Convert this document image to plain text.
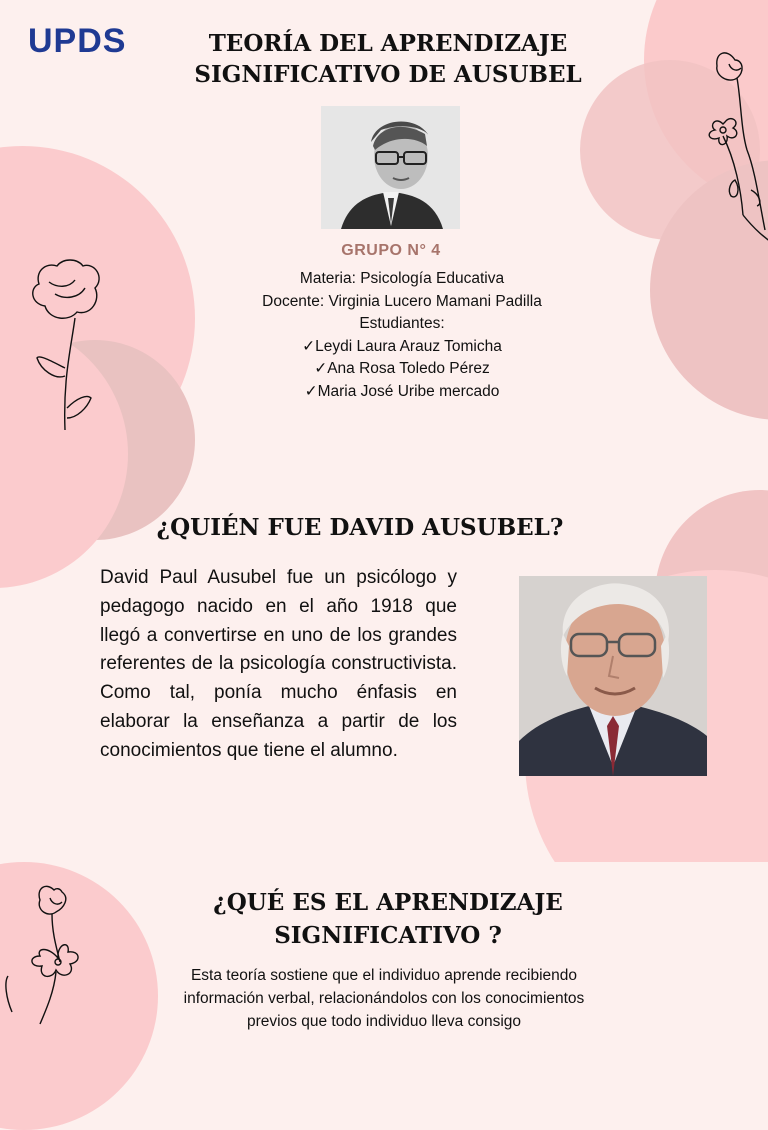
UPDS	TEORÍA DEL APRENDIZAJE
SIGNIFICATIVO DE AUSUBEL
GRUPO N° 4
Materia: Psicología Educativa
Docente: Virginia Lucero Mamani Padilla
Estudiantes:
✓Leydi Laura Arauz Tomicha
✓Ana Rosa Toledo Pérez
✓Maria José Uribe mercado
¿QUIÉN FUE DAVID AUSUBEL?
David Paul Ausubel fue un psicólogo y pedagogo nacido en el año 1918 que llegó a convertirse en uno de los grandes referentes de la psicología constructivista. Como tal, ponía mucho énfasis en elaborar la enseñanza a partir de los conocimientos que tiene el alumno.
¿QUÉ ES EL APRENDIZAJE
SIGNIFICATIVO ?
Esta teoría sostiene que el individuo aprende recibiendo información verbal, relacionándolos con los conocimientos previos que todo individuo lleva consigo
